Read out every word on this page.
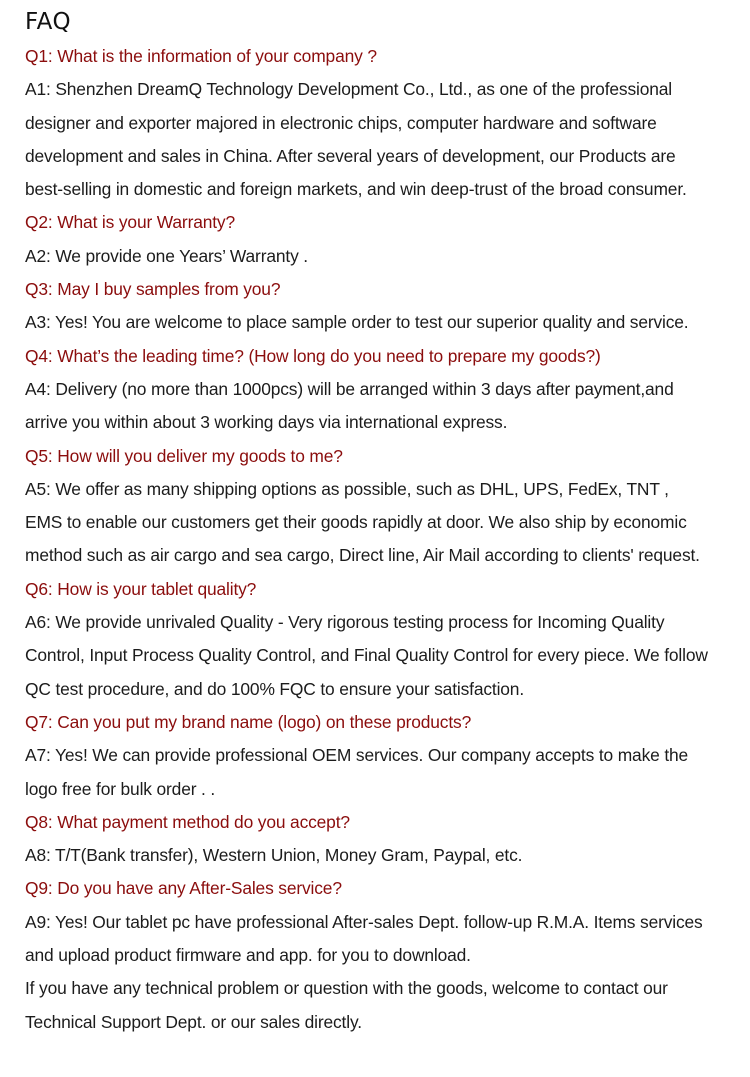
FAQ
Q1: What is the information of your company ?
A1: Shenzhen DreamQ Technology Development Co., Ltd., as one of the professional
designer and exporter majored in electronic chips, computer hardware and software
development and sales in China. After several years of development, our Products are
best-selling in domestic and foreign markets, and win deep-trust of the broad consumer.
Q2: What is your Warranty?
A2: We provide one Years’ Warranty .
Q3: May I buy samples from you?
A3: Yes! You are welcome to place sample order to test our superior quality and service.
Q4: What’s the leading time? (How long do you need to prepare my goods?)
A4: Delivery (no more than 1000pcs) will be arranged within 3 days after payment,and
arrive you within about 3 working days via international express.
Q5: How will you deliver my goods to me?
A5: We offer as many shipping options as possible, such as DHL, UPS, FedEx, TNT ,
EMS to enable our customers get their goods rapidly at door. We also ship by economic
method such as air cargo and sea cargo, Direct line, Air Mail according to clients' request.
Q6: How is your tablet quality?
A6: We provide unrivaled Quality - Very rigorous testing process for Incoming Quality
Control, Input Process Quality Control, and Final Quality Control for every piece. We follow
QC test procedure, and do 100% FQC to ensure your satisfaction.
Q7: Can you put my brand name (logo) on these products?
A7: Yes! We can provide professional OEM services. Our company accepts to make the
logo free for bulk order . .
Q8: What payment method do you accept?
A8: T/T(Bank transfer), Western Union, Money Gram, Paypal, etc.
Q9: Do you have any After-Sales service?
A9: Yes! Our tablet pc have professional After-sales Dept. follow-up R.M.A. Items services
and upload product firmware and app. for you to download.
If you have any technical problem or question with the goods, welcome to contact our
Technical Support Dept. or our sales directly.
